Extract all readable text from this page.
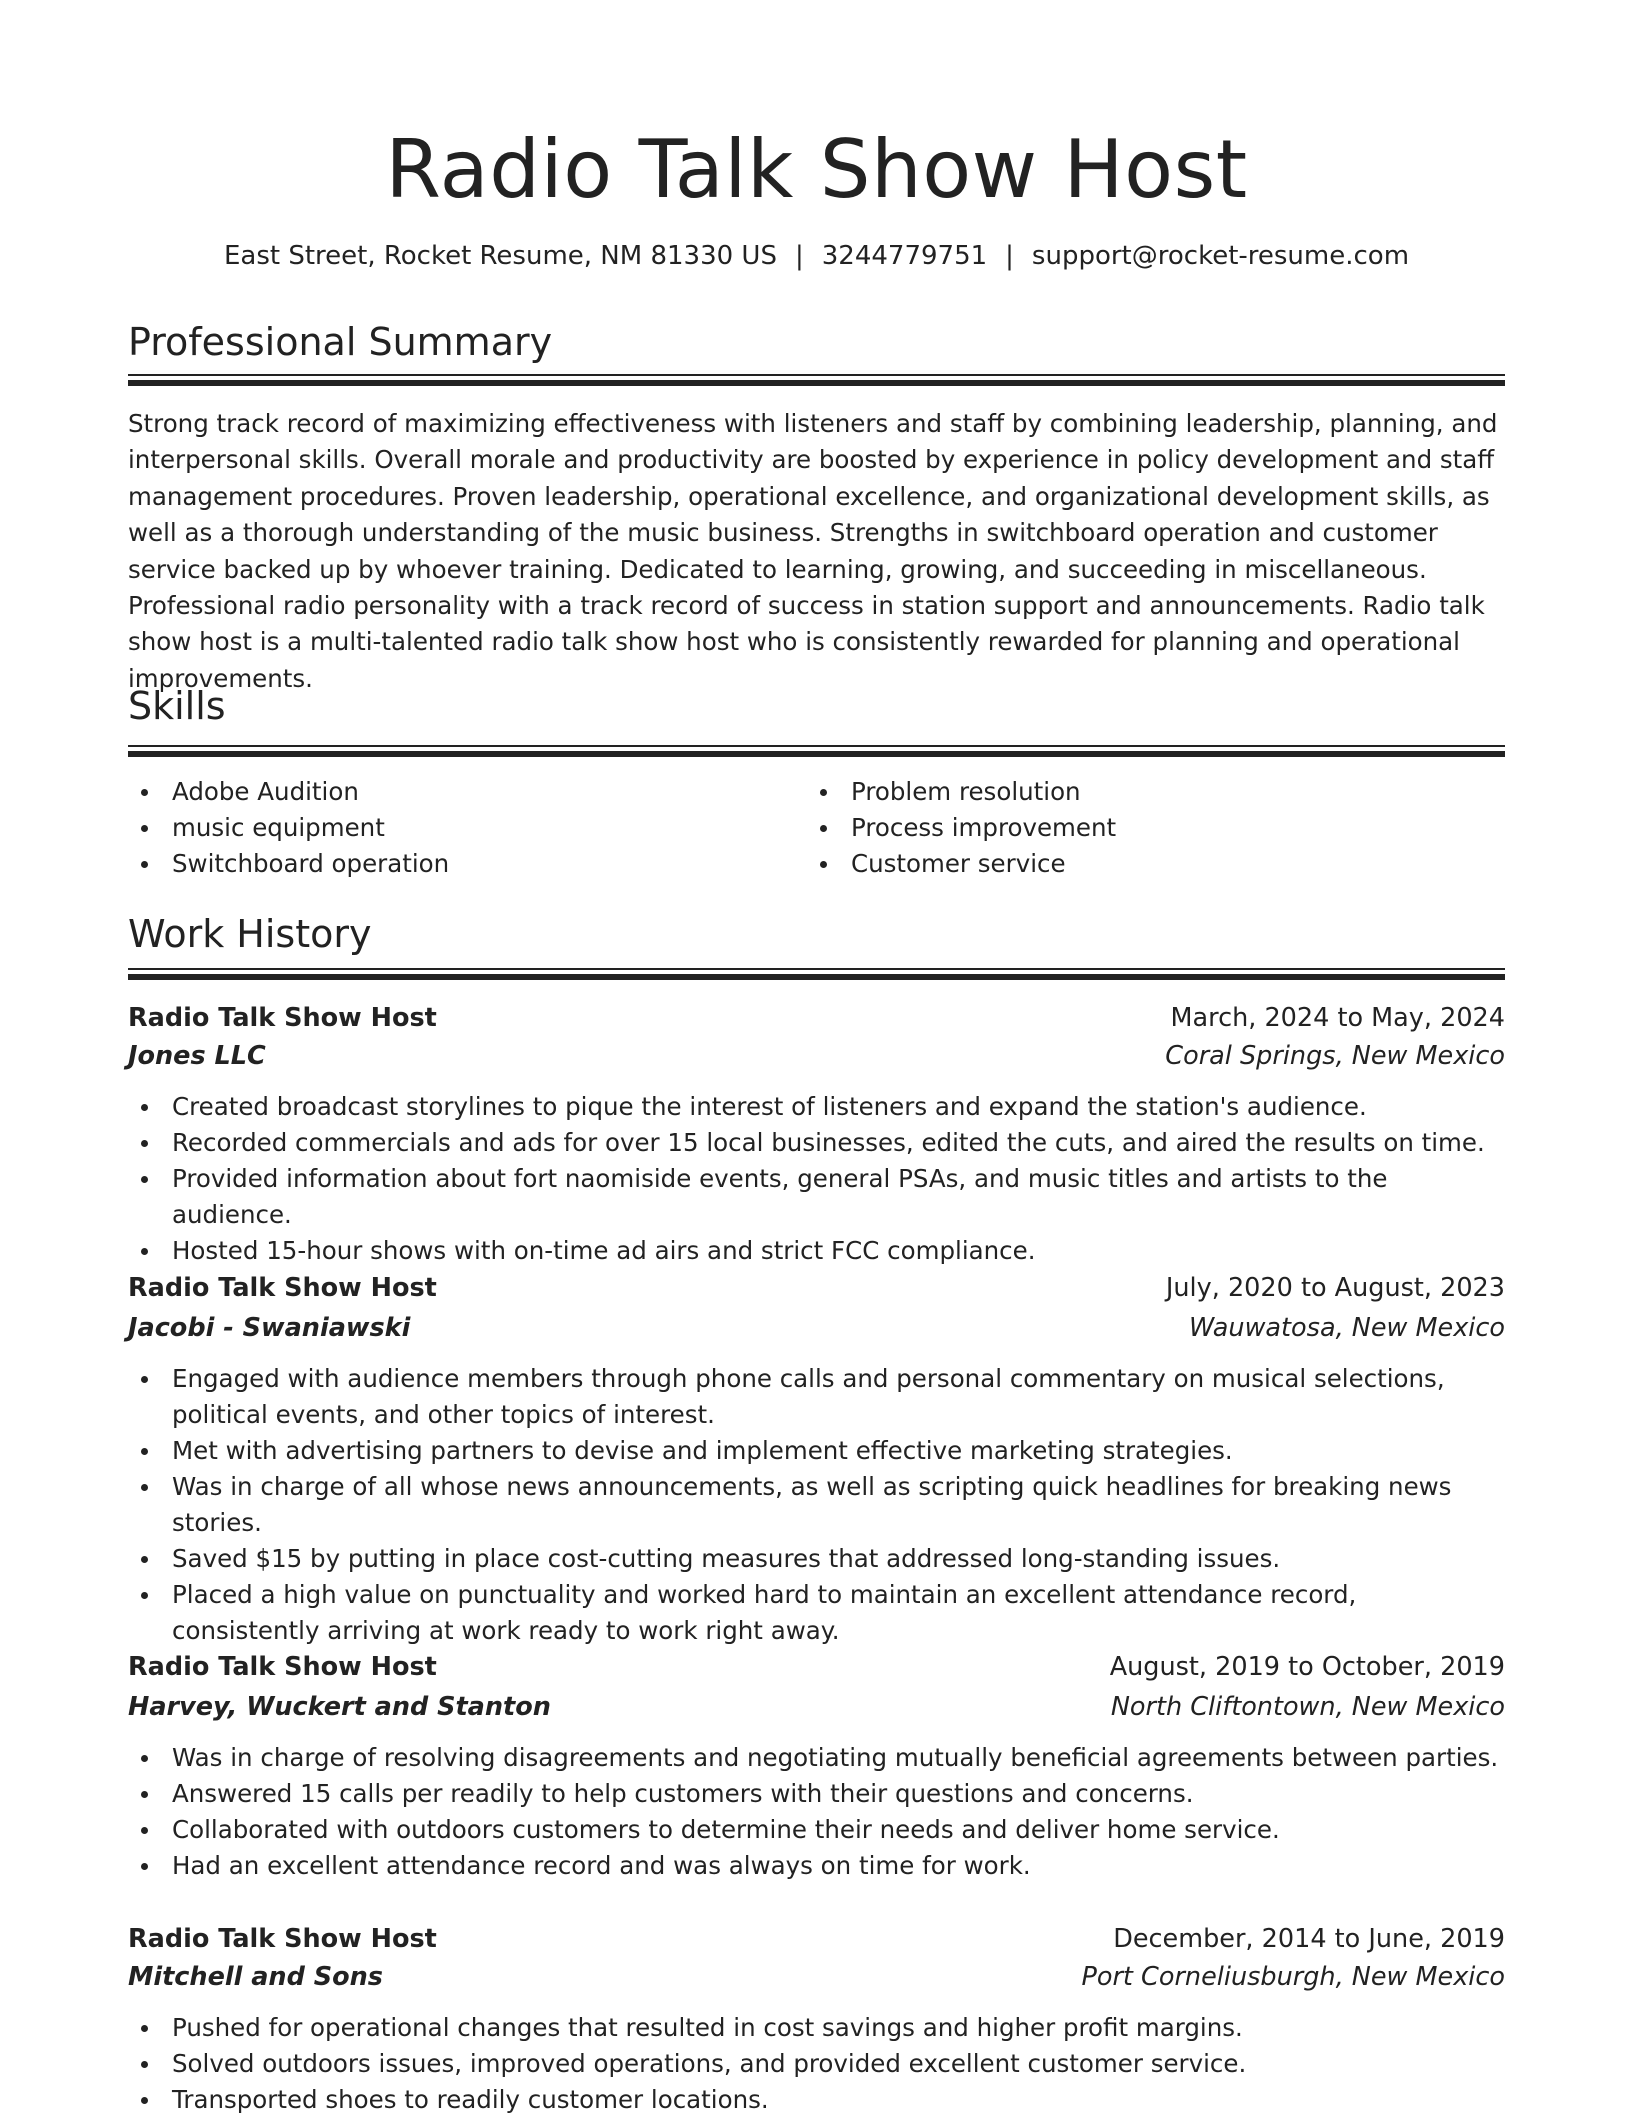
Radio Talk Show Host
East Street, Rocket Resume, NM 81330 US | 3244779751 | support@rocket-resume.com
Professional Summary
Strong track record of maximizing effectiveness with listeners and staff by combining leadership, planning, and interpersonal skills. Overall morale and productivity are boosted by experience in policy development and staff management procedures. Proven leadership, operational excellence, and organizational development skills, as well as a thorough understanding of the music business. Strengths in switchboard operation and customer service backed up by whoever training. Dedicated to learning, growing, and succeeding in miscellaneous. Professional radio personality with a track record of success in station support and announcements. Radio talk show host is a multi-talented radio talk show host who is consistently rewarded for planning and operational improvements.
Skills
Adobe Audition
music equipment
Switchboard operation
Problem resolution
Process improvement
Customer service
Work History
Radio Talk Show Host	March, 2024 to May, 2024
Jones LLC	Coral Springs, New Mexico
Created broadcast storylines to pique the interest of listeners and expand the station's audience.
Recorded commercials and ads for over 15 local businesses, edited the cuts, and aired the results on time.
Provided information about fort naomiside events, general PSAs, and music titles and artists to the audience.
Hosted 15-hour shows with on-time ad airs and strict FCC compliance.
Radio Talk Show Host	July, 2020 to August, 2023
Jacobi - Swaniawski	Wauwatosa, New Mexico
Engaged with audience members through phone calls and personal commentary on musical selections, political events, and other topics of interest.
Met with advertising partners to devise and implement effective marketing strategies.
Was in charge of all whose news announcements, as well as scripting quick headlines for breaking news stories.
Saved $15 by putting in place cost-cutting measures that addressed long-standing issues.
Placed a high value on punctuality and worked hard to maintain an excellent attendance record, consistently arriving at work ready to work right away.
Radio Talk Show Host	August, 2019 to October, 2019
Harvey, Wuckert and Stanton	North Cliftontown, New Mexico
Was in charge of resolving disagreements and negotiating mutually beneficial agreements between parties.
Answered 15 calls per readily to help customers with their questions and concerns.
Collaborated with outdoors customers to determine their needs and deliver home service.
Had an excellent attendance record and was always on time for work.
Radio Talk Show Host	December, 2014 to June, 2019
Mitchell and Sons	Port Corneliusburgh, New Mexico
Pushed for operational changes that resulted in cost savings and higher profit margins.
Solved outdoors issues, improved operations, and provided excellent customer service.
Transported shoes to readily customer locations.
